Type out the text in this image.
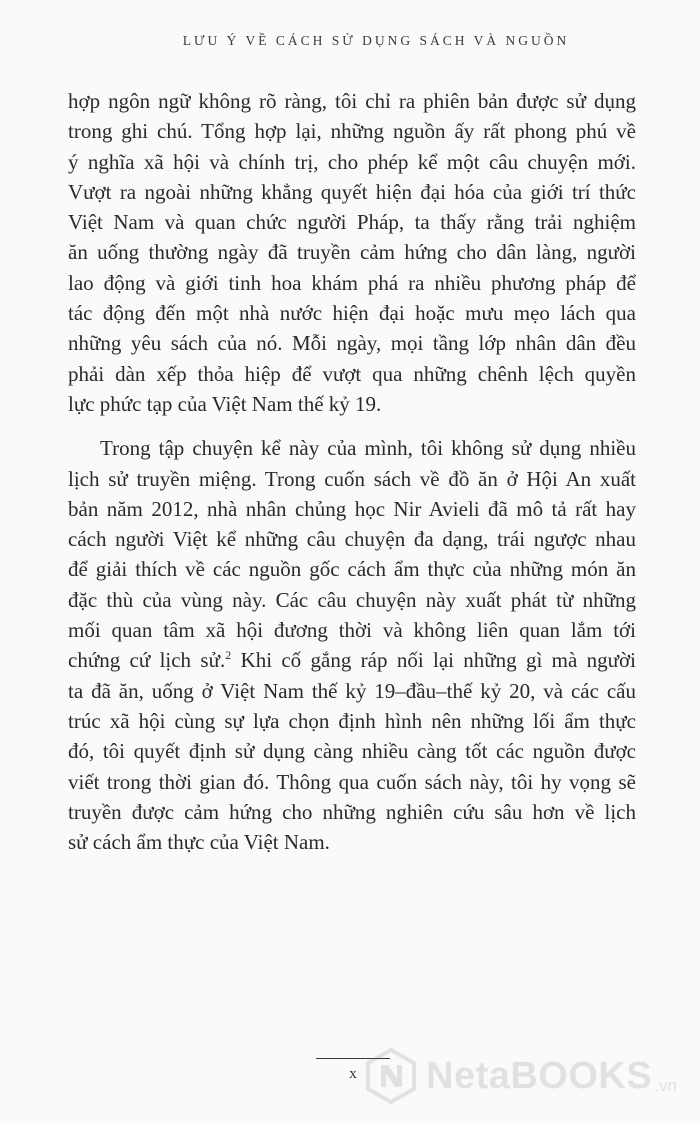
LƯU Ý VỀ CÁCH SỬ DỤNG SÁCH VÀ NGUỒN

hợp ngôn ngữ không rõ ràng, tôi chỉ ra phiên bản được sử dụng
trong ghi chú. Tổng hợp lại, những nguồn ấy rất phong phú về
ý nghĩa xã hội và chính trị, cho phép kể một câu chuyện mới.
Vượt ra ngoài những khẳng quyết hiện đại hóa của giới trí thức
Việt Nam và quan chức người Pháp, ta thấy rằng trải nghiệm
ăn uống thường ngày đã truyền cảm hứng cho dân làng, người
lao động và giới tinh hoa khám phá ra nhiều phương pháp để
tác động đến một nhà nước hiện đại hoặc mưu mẹo lách qua
những yêu sách của nó. Mỗi ngày, mọi tầng lớp nhân dân đều
phải dàn xếp thỏa hiệp để vượt qua những chênh lệch quyền
lực phức tạp của Việt Nam thế kỷ 19.

Trong tập chuyện kể này của mình, tôi không sử dụng nhiều
lịch sử truyền miệng. Trong cuốn sách về đồ ăn ở Hội An xuất
bản năm 2012, nhà nhân chủng học Nir Avieli đã mô tả rất hay
cách người Việt kể những câu chuyện đa dạng, trái ngược nhau
để giải thích về các nguồn gốc cách ẩm thực của những món ăn
đặc thù của vùng này. Các câu chuyện này xuất phát từ những
mối quan tâm xã hội đương thời và không liên quan lắm tới
chứng cứ lịch sử.$^2$ Khi cố gắng ráp nối lại những gì mà người
ta đã ăn, uống ở Việt Nam thế kỷ 19–đầu–thế kỷ 20, và các cấu
trúc xã hội cùng sự lựa chọn định hình nên những lối ẩm thực
đó, tôi quyết định sử dụng càng nhiều càng tốt các nguồn được
viết trong thời gian đó. Thông qua cuốn sách này, tôi hy vọng sẽ
truyền được cảm hứng cho những nghiên cứu sâu hơn về lịch
sử cách ẩm thực của Việt Nam.

x	NetaBOOKS .vn
